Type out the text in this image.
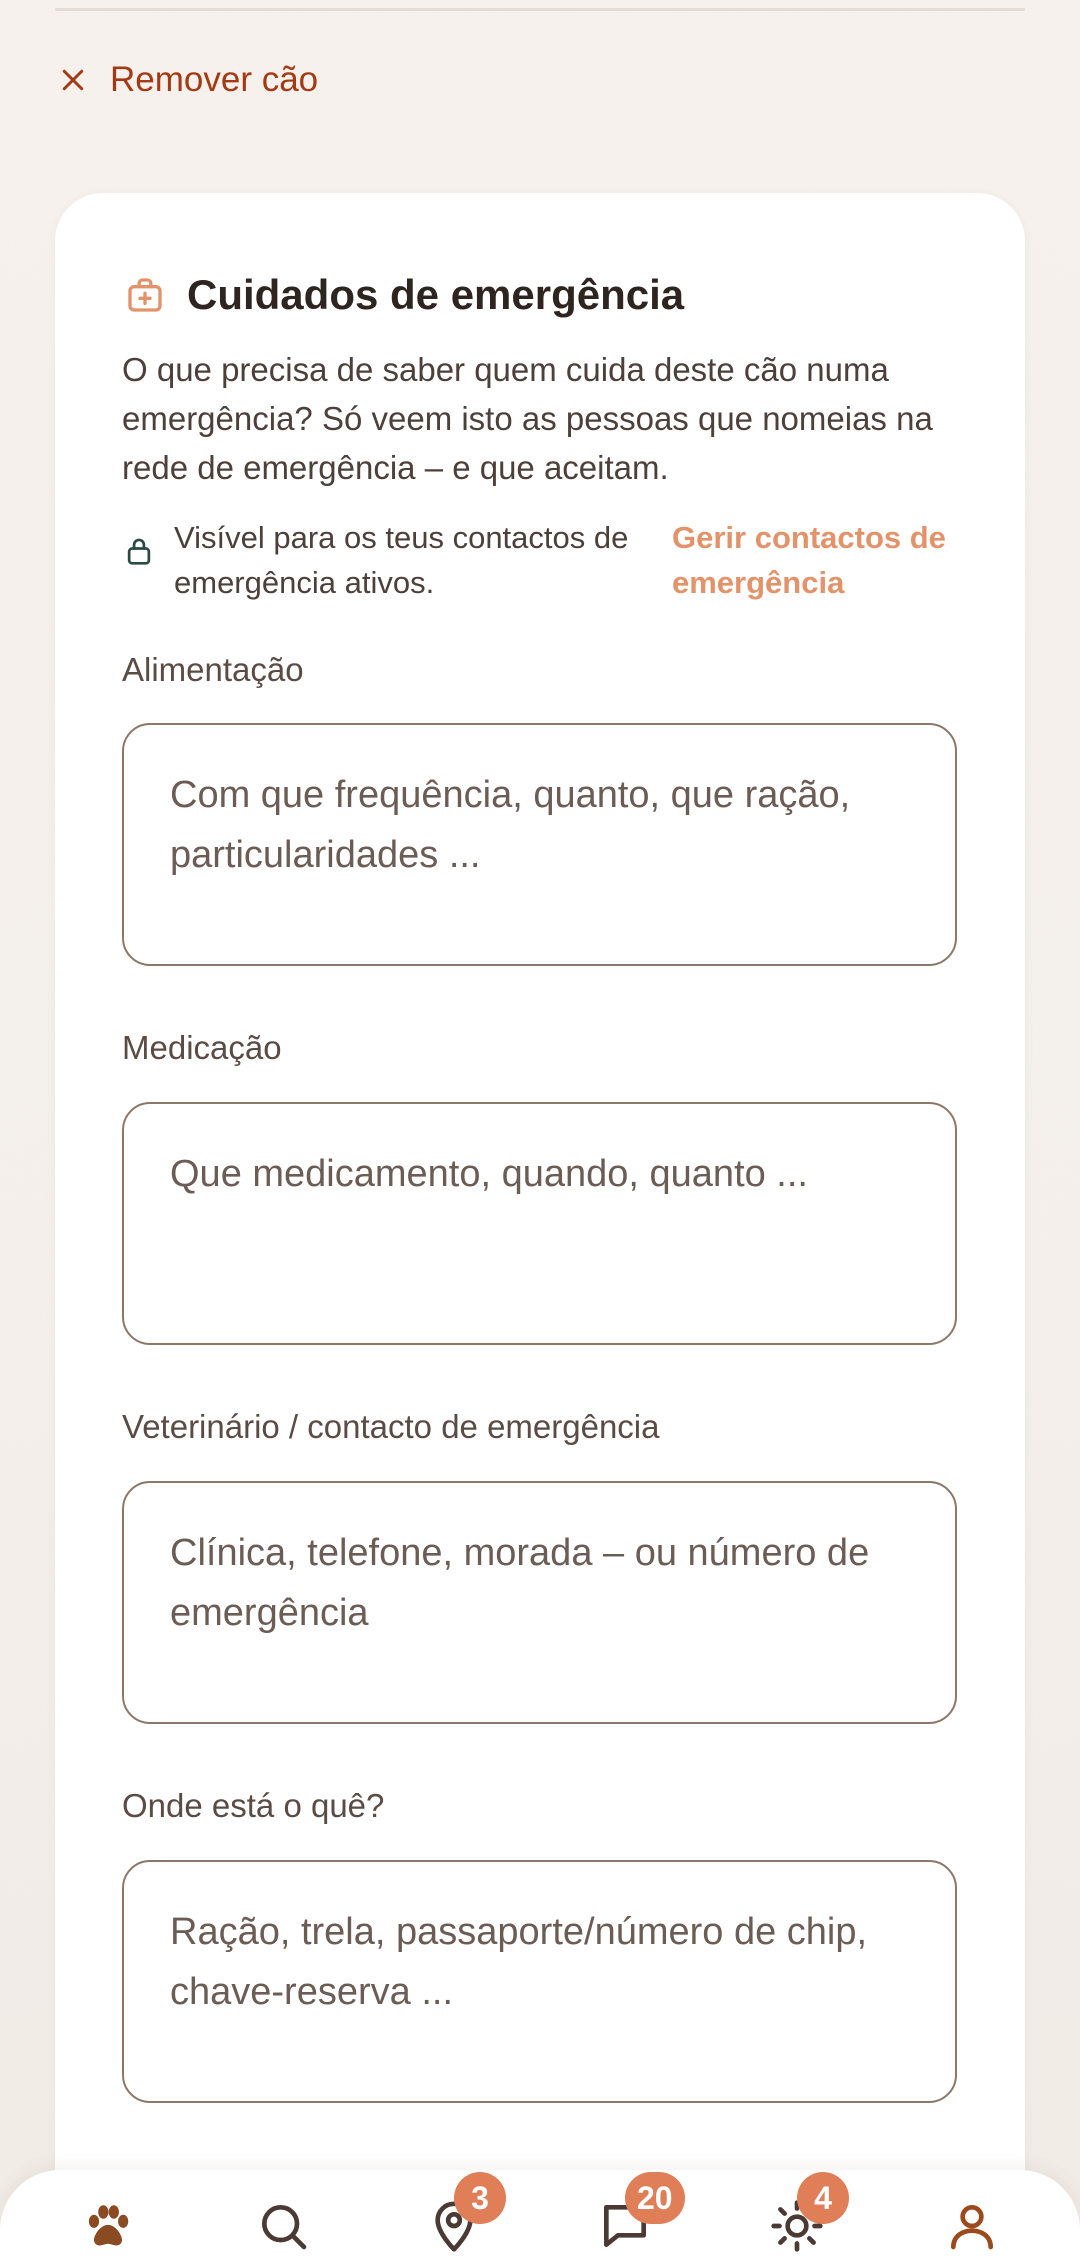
Remover cão
Cuidados de emergência

O que precisa de saber quem cuida deste cão numa emergência? Só veem isto as pessoas que nomeias na rede de emergência – e que aceitam.

Visível para os teus contactos de emergência ativos.
Gerir contactos de emergência
Alimentação
Com que frequência, quanto, que ração, particularidades ...
Medicação
Que medicamento, quando, quanto ...
Veterinário / contacto de emergência
Clínica, telefone, morada – ou número de emergência
Onde está o quê?
Ração, trela, passaporte/número de chip, chave-reserva ...
3	20	4
